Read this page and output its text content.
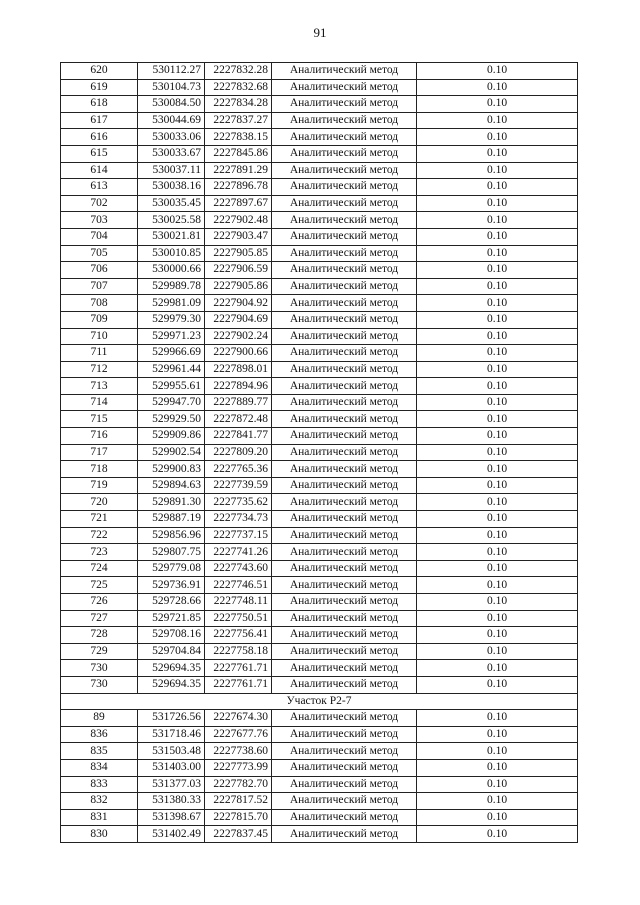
91
620	530112.27	2227832.28	Аналитический метод	0.10
619	530104.73	2227832.68	Аналитический метод	0.10
618	530084.50	2227834.28	Аналитический метод	0.10
617	530044.69	2227837.27	Аналитический метод	0.10
616	530033.06	2227838.15	Аналитический метод	0.10
615	530033.67	2227845.86	Аналитический метод	0.10
614	530037.11	2227891.29	Аналитический метод	0.10
613	530038.16	2227896.78	Аналитический метод	0.10
702	530035.45	2227897.67	Аналитический метод	0.10
703	530025.58	2227902.48	Аналитический метод	0.10
704	530021.81	2227903.47	Аналитический метод	0.10
705	530010.85	2227905.85	Аналитический метод	0.10
706	530000.66	2227906.59	Аналитический метод	0.10
707	529989.78	2227905.86	Аналитический метод	0.10
708	529981.09	2227904.92	Аналитический метод	0.10
709	529979.30	2227904.69	Аналитический метод	0.10
710	529971.23	2227902.24	Аналитический метод	0.10
711	529966.69	2227900.66	Аналитический метод	0.10
712	529961.44	2227898.01	Аналитический метод	0.10
713	529955.61	2227894.96	Аналитический метод	0.10
714	529947.70	2227889.77	Аналитический метод	0.10
715	529929.50	2227872.48	Аналитический метод	0.10
716	529909.86	2227841.77	Аналитический метод	0.10
717	529902.54	2227809.20	Аналитический метод	0.10
718	529900.83	2227765.36	Аналитический метод	0.10
719	529894.63	2227739.59	Аналитический метод	0.10
720	529891.30	2227735.62	Аналитический метод	0.10
721	529887.19	2227734.73	Аналитический метод	0.10
722	529856.96	2227737.15	Аналитический метод	0.10
723	529807.75	2227741.26	Аналитический метод	0.10
724	529779.08	2227743.60	Аналитический метод	0.10
725	529736.91	2227746.51	Аналитический метод	0.10
726	529728.66	2227748.11	Аналитический метод	0.10
727	529721.85	2227750.51	Аналитический метод	0.10
728	529708.16	2227756.41	Аналитический метод	0.10
729	529704.84	2227758.18	Аналитический метод	0.10
730	529694.35	2227761.71	Аналитический метод	0.10
730	529694.35	2227761.71	Аналитический метод	0.10
Участок Р2-7				
89	531726.56	2227674.30	Аналитический метод	0.10
836	531718.46	2227677.76	Аналитический метод	0.10
835	531503.48	2227738.60	Аналитический метод	0.10
834	531403.00	2227773.99	Аналитический метод	0.10
833	531377.03	2227782.70	Аналитический метод	0.10
832	531380.33	2227817.52	Аналитический метод	0.10
831	531398.67	2227815.70	Аналитический метод	0.10
830	531402.49	2227837.45	Аналитический метод	0.10
